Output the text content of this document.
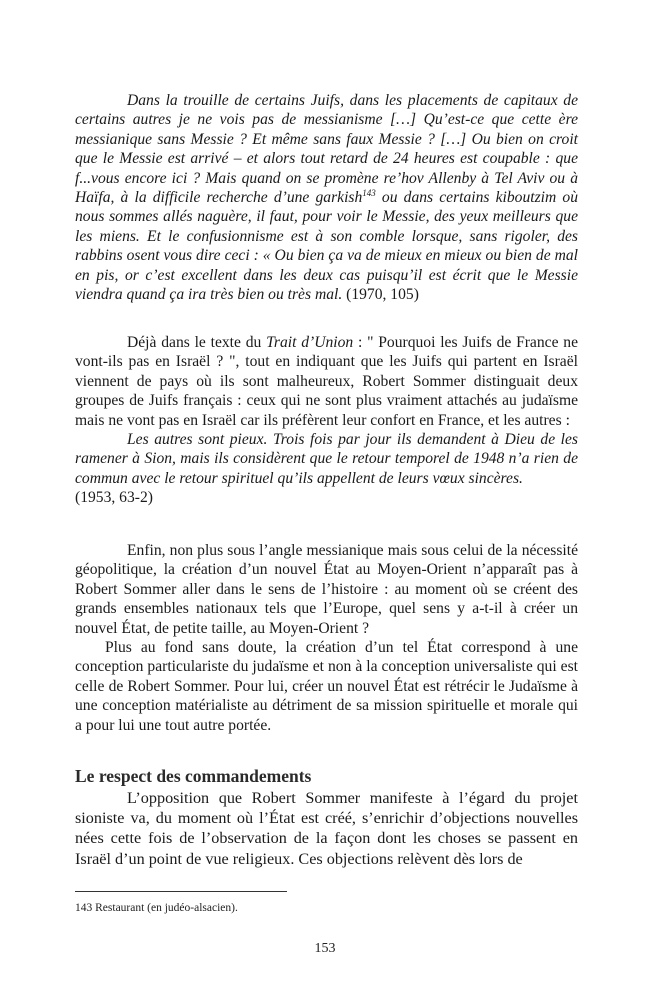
Dans la trouille de certains Juifs, dans les placements de capitaux de certains autres je ne vois pas de messianisme […] Qu’est-ce que cette ère messianique sans Messie ? Et même sans faux Messie ? […] Ou bien on croit que le Messie est arrivé – et alors tout retard de 24 heures est coupable : que f...vous encore ici ? Mais quand on se promène re’hov Allenby à Tel Aviv ou à Haïfa, à la difficile recherche d’une garkish$^{143}$ ou dans certains kiboutzim où nous sommes allés naguère, il faut, pour voir le Messie, des yeux meilleurs que les miens. Et le confusionnisme est à son comble lorsque, sans rigoler, des rabbins osent vous dire ceci : « Ou bien ça va de mieux en mieux ou bien de mal en pis, or c’est excellent dans les deux cas puisqu’il est écrit que le Messie viendra quand ça ira très bien ou très mal. (1970, 105)

Déjà dans le texte du Trait d’Union : " Pourquoi les Juifs de France ne vont-ils pas en Israël ? ", tout en indiquant que les Juifs qui partent en Israël viennent de pays où ils sont malheureux, Robert Sommer distinguait deux groupes de Juifs français : ceux qui ne sont plus vraiment attachés au judaïsme mais ne vont pas en Israël car ils préfèrent leur confort en France, et les autres :

Les autres sont pieux. Trois fois par jour ils demandent à Dieu de les ramener à Sion, mais ils considèrent que le retour temporel de 1948 n’a rien de commun avec le retour spirituel qu’ils appellent de leurs vœux sincères.

(1953, 63-2)

Enfin, non plus sous l’angle messianique mais sous celui de la nécessité géopolitique, la création d’un nouvel État au Moyen-Orient n’apparaît pas à Robert Sommer aller dans le sens de l’histoire : au moment où se créent des grands ensembles nationaux tels que l’Europe, quel sens y a-t-il à créer un nouvel État, de petite taille, au Moyen-Orient ?

Plus au fond sans doute, la création d’un tel État correspond à une conception particulariste du judaïsme et non à la conception universaliste qui est celle de Robert Sommer. Pour lui, créer un nouvel État est rétrécir le Judaïsme à une conception matérialiste au détriment de sa mission spirituelle et morale qui a pour lui une tout autre portée.

Le respect des commandements

L’opposition que Robert Sommer manifeste à l’égard du projet sioniste va, du moment où l’État est créé, s’enrichir d’objections nouvelles nées cette fois de l’observation de la façon dont les choses se passent en Israël d’un point de vue religieux. Ces objections relèvent dès lors de

143 Restaurant (en judéo-alsacien).
153
